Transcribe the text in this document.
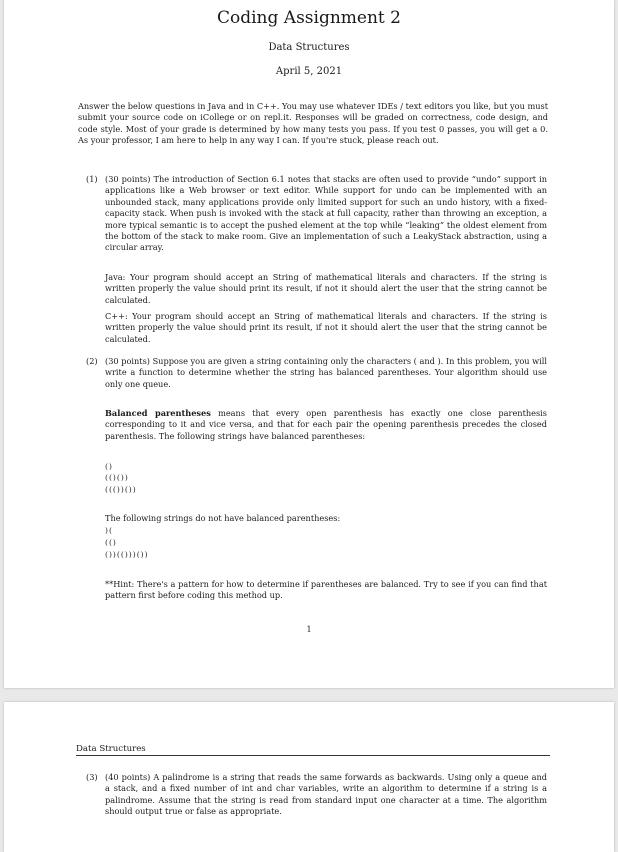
Coding Assignment 2
Data Structures
April 5, 2021

Answer the below questions in Java and in C++. You may use whatever IDEs / text editors you like, but you must submit your source code on iCollege or on repl.it. Responses will be graded on correctness, code design, and code style. Most of your grade is determined by how many tests you pass. If you test 0 passes, you will get a 0. As your professor, I am here to help in any way I can. If you're stuck, please reach out.

(1) (30 points) The introduction of Section 6.1 notes that stacks are often used to provide “undo” support in applications like a Web browser or text editor. While support for undo can be implemented with an unbounded stack, many applications provide only limited support for such an undo history, with a fixed-capacity stack. When push is invoked with the stack at full capacity, rather than throwing an exception, a more typical semantic is to accept the pushed element at the top while “leaking” the oldest element from the bottom of the stack to make room. Give an implementation of such a LeakyStack abstraction, using a circular array.

Java: Your program should accept an String of mathematical literals and characters. If the string is written properly the value should print its result, if not it should alert the user that the string cannot be calculated.

C++: Your program should accept an String of mathematical literals and characters. If the string is written properly the value should print its result, if not it should alert the user that the string cannot be calculated.

(2) (30 points) Suppose you are given a string containing only the characters ( and ). In this problem, you will write a function to determine whether the string has balanced parentheses. Your algorithm should use only one queue.

Balanced parentheses means that every open parenthesis has exactly one close parenthesis corresponding to it and vice versa, and that for each pair the opening parenthesis precedes the closed parenthesis. The following strings have balanced parentheses:

()
(()())
((())())

The following strings do not have balanced parentheses:

)(
(()
())(()))())

**Hint: There's a pattern for how to determine if parentheses are balanced. Try to see if you can find that pattern first before coding this method up.

1
Data Structures
(3) (40 points) A palindrome is a string that reads the same forwards as backwards. Using only a queue and a stack, and a fixed number of int and char variables, write an algorithm to determine if a string is a palindrome. Assume that the string is read from standard input one character at a time. The algorithm should output true or false as appropriate.
